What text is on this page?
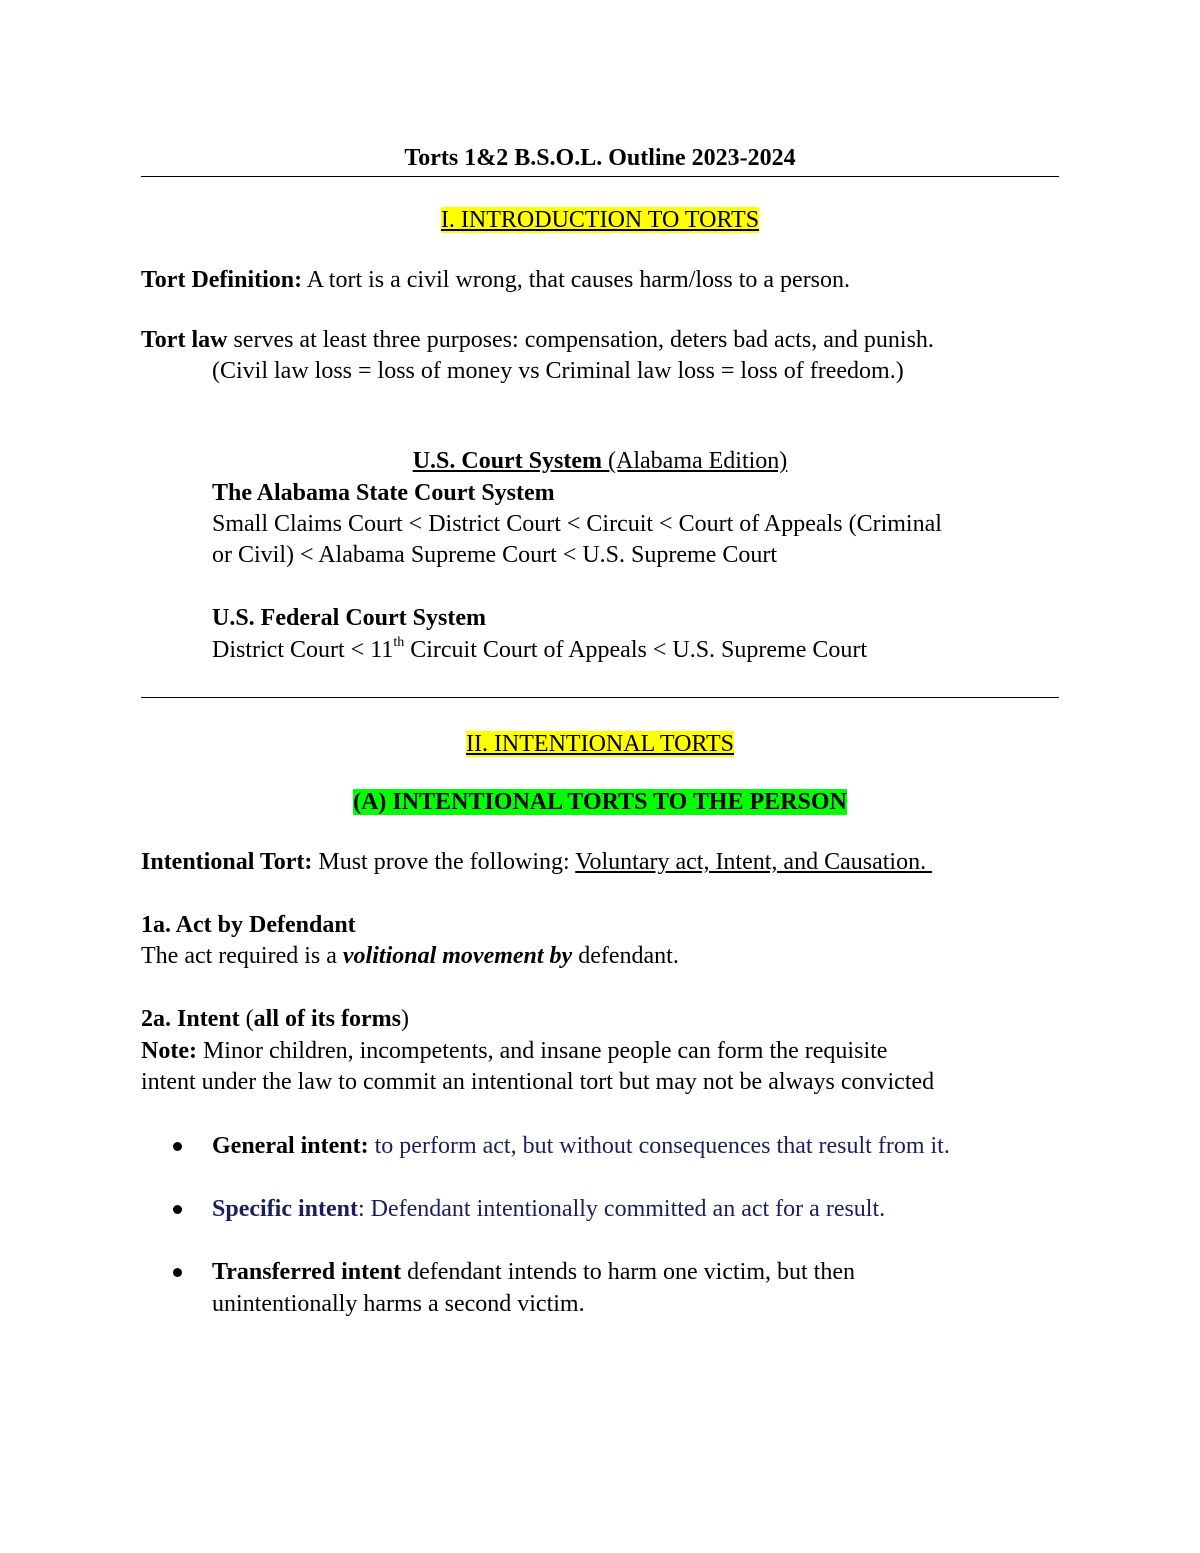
Torts 1&2 B.S.O.L. Outline 2023-2024
I. INTRODUCTION TO TORTS
Tort Definition: A tort is a civil wrong, that causes harm/loss to a person.
Tort law serves at least three purposes: compensation, deters bad acts, and punish.
(Civil law loss = loss of money vs Criminal law loss = loss of freedom.)
U.S. Court System (Alabama Edition)
The Alabama State Court System
Small Claims Court < District Court < Circuit < Court of Appeals (Criminal
or Civil) < Alabama Supreme Court < U.S. Supreme Court
U.S. Federal Court System
District Court < 11th Circuit Court of Appeals < U.S. Supreme Court
II. INTENTIONAL TORTS
(A) INTENTIONAL TORTS TO THE PERSON
Intentional Tort: Must prove the following: Voluntary act, Intent, and Causation.
1a. Act by Defendant
The act required is a volitional movement by defendant.
2a. Intent (all of its forms)
Note: Minor children, incompetents, and insane people can form the requisite
intent under the law to commit an intentional tort but may not be always convicted
General intent: to perform act, but without consequences that result from it.
Specific intent: Defendant intentionally committed an act for a result.
Transferred intent defendant intends to harm one victim, but then
unintentionally harms a second victim.
